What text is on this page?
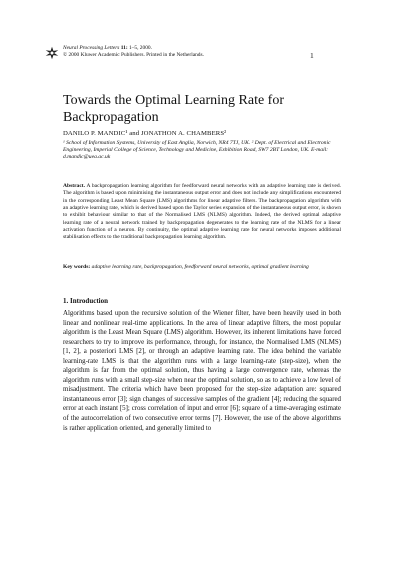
Neural Processing Letters 11: 1–5, 2000.
© 2000 Kluwer Academic Publishers. Printed in the Netherlands.	1
Towards the Optimal Learning Rate for Backpropagation
DANILO P. MANDIC¹ and JONATHON A. CHAMBERS²
¹ School of Information Systems, University of East Anglia, Norwich, NR4 7TJ, UK. ² Dept. of Electrical and Electronic Engineering, Imperial College of Science, Technology and Medicine, Exhibition Road, SW7 2BT London, UK. E-mail: d.mandic@uea.ac.uk

Abstract. A backpropagation learning algorithm for feedforward neural networks with an adaptive learning rate is derived. The algorithm is based upon minimising the instantaneous output error and does not include any simplifications encountered in the corresponding Least Mean Square (LMS) algorithms for linear adaptive filters. The backpropagation algorithm with an adaptive learning rate, which is derived based upon the Taylor series expansion of the instantaneous output error, is shown to exhibit behaviour similar to that of the Normalised LMS (NLMS) algorithm. Indeed, the derived optimal adaptive learning rate of a neural network trained by backpropagation degenerates to the learning rate of the NLMS for a linear activation function of a neuron. By continuity, the optimal adaptive learning rate for neural networks imposes additional stabilisation effects to the traditional backpropagation learning algorithm.

Key words: adaptive learning rate, backpropagation, feedforward neural networks, optimal gradient learning

1. Introduction

Algorithms based upon the recursive solution of the Wiener filter, have been heavily used in both linear and nonlinear real-time applications. In the area of linear adaptive filters, the most popular algorithm is the Least Mean Square (LMS) algorithm. However, its inherent limitations have forced researchers to try to improve its performance, through, for instance, the Normalised LMS (NLMS) [1, 2], a posteriori LMS [2], or through an adaptive learning rate. The idea behind the variable learning-rate LMS is that the algorithm runs with a large learning-rate (step-size), when the algorithm is far from the optimal solution, thus having a large convergence rate, whereas the algorithm runs with a small step-size when near the optimal solution, so as to achieve a low level of misadjustment. The criteria which have been proposed for the step-size adaptation are: squared instantaneous error [3]; sign changes of successive samples of the gradient [4]; reducing the squared error at each instant [5]; cross correlation of input and error [6]; square of a time-averaging estimate of the autocorrelation of two consecutive error terms [7]. However, the use of the above algorithms is rather application oriented, and generally limited to
